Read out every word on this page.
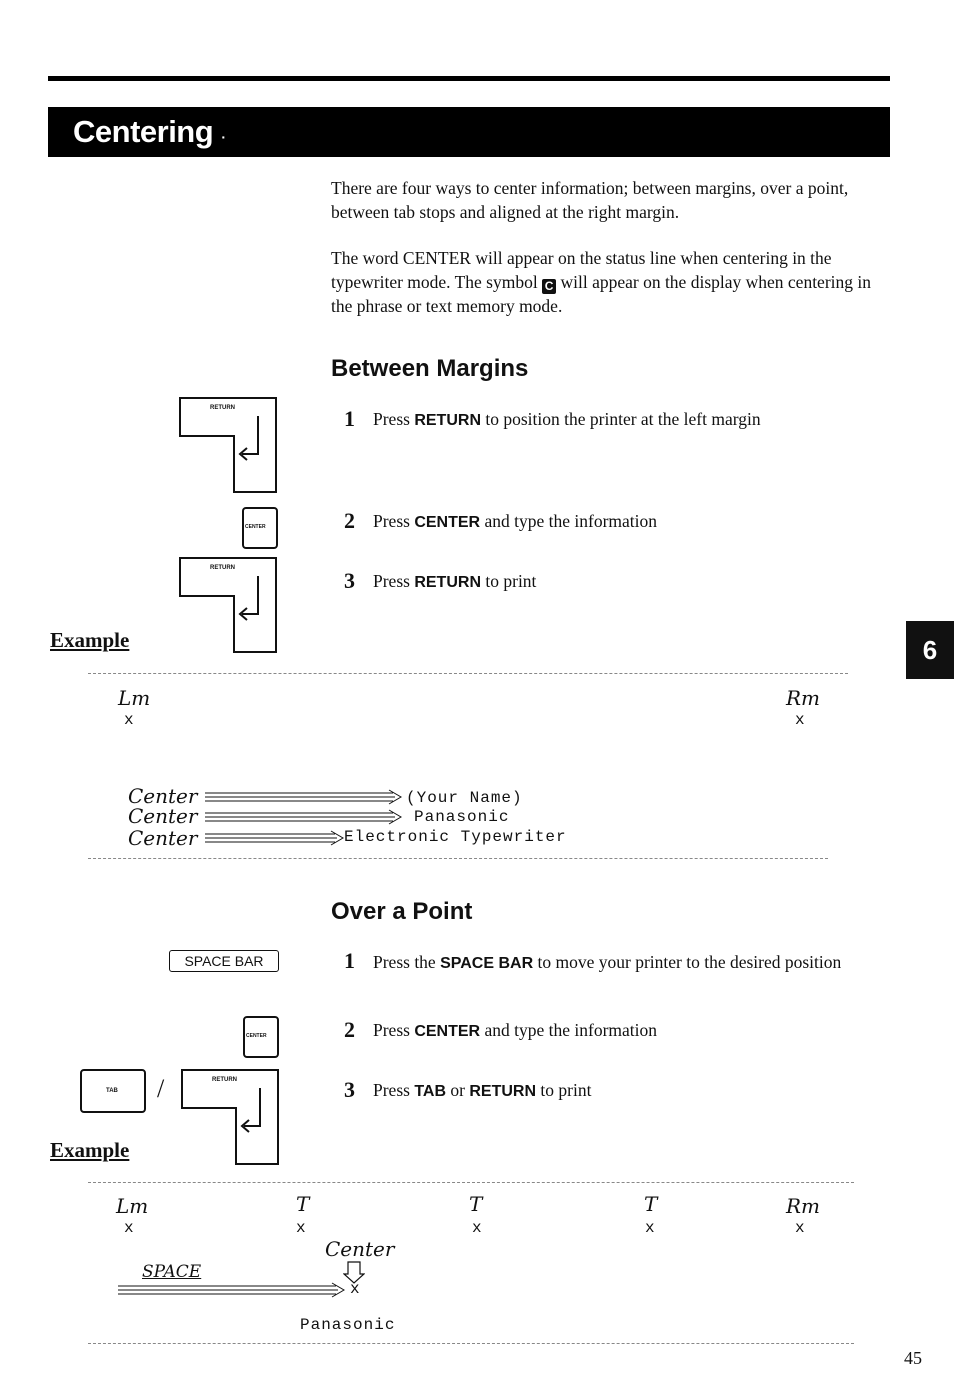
Centering ·
There are four ways to center information; between margins, over a point, between tab stops and aligned at the right margin.
The word CENTER will appear on the status line when centering in the typewriter mode. The symbol C will appear on the display when centering in the phrase or text memory mode.
Between Margins
RETURN
CENTER
RETURN
1 Press RETURN to position the printer at the left margin
2 Press CENTER and type the information
3 Press RETURN to print
Example
Lm
x
Rm
x
Center	(Your Name)
Center	Panasonic
Center	Electronic Typewriter
Over a Point
SPACE BAR
CENTER
TAB /	RETURN
1 Press the SPACE BAR to move your printer to the desired position
2 Press CENTER and type the information
3 Press TAB or RETURN to print
Example
Lm
x
T
x
T
x
T
x
Rm
x
Center
SPACE
x
Panasonic
6
45
